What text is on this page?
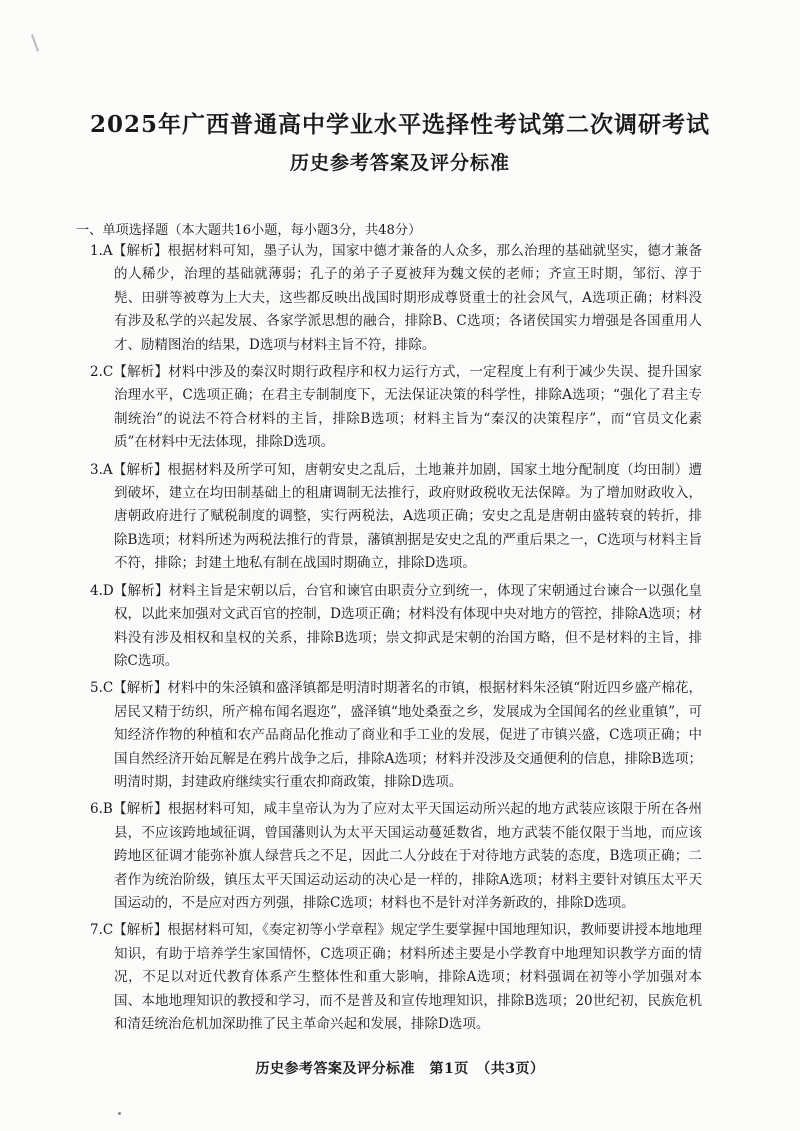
2025年广西普通高中学业水平选择性考试第二次调研考试
历史参考答案及评分标准
一、单项选择题（本大题共16小题，每小题3分，共48分）

1.A【解析】根据材料可知，墨子认为，国家中德才兼备的人众多，那么治理的基础就坚实，德才兼备的人稀少，治理的基础就薄弱；孔子的弟子子夏被拜为魏文侯的老师；齐宣王时期，邹衍、淳于髡、田骈等被尊为上大夫，这些都反映出战国时期形成尊贤重士的社会风气，A选项正确；材料没有涉及私学的兴起发展、各家学派思想的融合，排除B、C选项；各诸侯国实力增强是各国重用人才、励精图治的结果，D选项与材料主旨不符，排除。

2.C【解析】材料中涉及的秦汉时期行政程序和权力运行方式，一定程度上有利于减少失误、提升国家治理水平，C选项正确；在君主专制制度下，无法保证决策的科学性，排除A选项；“强化了君主专制统治”的说法不符合材料的主旨，排除B选项；材料主旨为“秦汉的决策程序”，而“官员文化素质”在材料中无法体现，排除D选项。

3.A【解析】根据材料及所学可知，唐朝安史之乱后，土地兼并加剧，国家土地分配制度（均田制）遭到破坏，建立在均田制基础上的租庸调制无法推行，政府财政税收无法保障。为了增加财政收入，唐朝政府进行了赋税制度的调整，实行两税法，A选项正确；安史之乱是唐朝由盛转衰的转折，排除B选项；材料所述为两税法推行的背景，藩镇割据是安史之乱的严重后果之一，C选项与材料主旨不符，排除；封建土地私有制在战国时期确立，排除D选项。

4.D【解析】材料主旨是宋朝以后，台官和谏官由职责分立到统一，体现了宋朝通过台谏合一以强化皇权，以此来加强对文武百官的控制，D选项正确；材料没有体现中央对地方的管控，排除A选项；材料没有涉及相权和皇权的关系，排除B选项；崇文抑武是宋朝的治国方略，但不是材料的主旨，排除C选项。

5.C【解析】材料中的朱泾镇和盛泽镇都是明清时期著名的市镇，根据材料朱泾镇“附近四乡盛产棉花，居民又精于纺织，所产棉布闻名遐迩”，盛泽镇“地处桑蚕之乡，发展成为全国闻名的丝业重镇”，可知经济作物的种植和农产品商品化推动了商业和手工业的发展，促进了市镇兴盛，C选项正确；中国自然经济开始瓦解是在鸦片战争之后，排除A选项；材料并没涉及交通便利的信息，排除B选项；明清时期，封建政府继续实行重农抑商政策，排除D选项。

6.B【解析】根据材料可知，咸丰皇帝认为为了应对太平天国运动所兴起的地方武装应该限于所在各州县，不应该跨地域征调，曾国藩则认为太平天国运动蔓延数省，地方武装不能仅限于当地，而应该跨地区征调才能弥补旗人绿营兵之不足，因此二人分歧在于对待地方武装的态度，B选项正确；二者作为统治阶级，镇压太平天国运动运动的决心是一样的，排除A选项；材料主要针对镇压太平天国运动的，不是应对西方列强，排除C选项；材料也不是针对洋务新政的，排除D选项。

7.C【解析】根据材料可知，《奏定初等小学章程》规定学生要掌握中国地理知识，教师要讲授本地地理知识，有助于培养学生家国情怀，C选项正确；材料所述主要是小学教育中地理知识教学方面的情况，不足以对近代教育体系产生整体性和重大影响，排除A选项；材料强调在初等小学加强对本国、本地地理知识的教授和学习，而不是普及和宣传地理知识，排除B选项；20世纪初，民族危机和清廷统治危机加深助推了民主革命兴起和发展，排除D选项。

历史参考答案及评分标准　第1页　（共3页）
